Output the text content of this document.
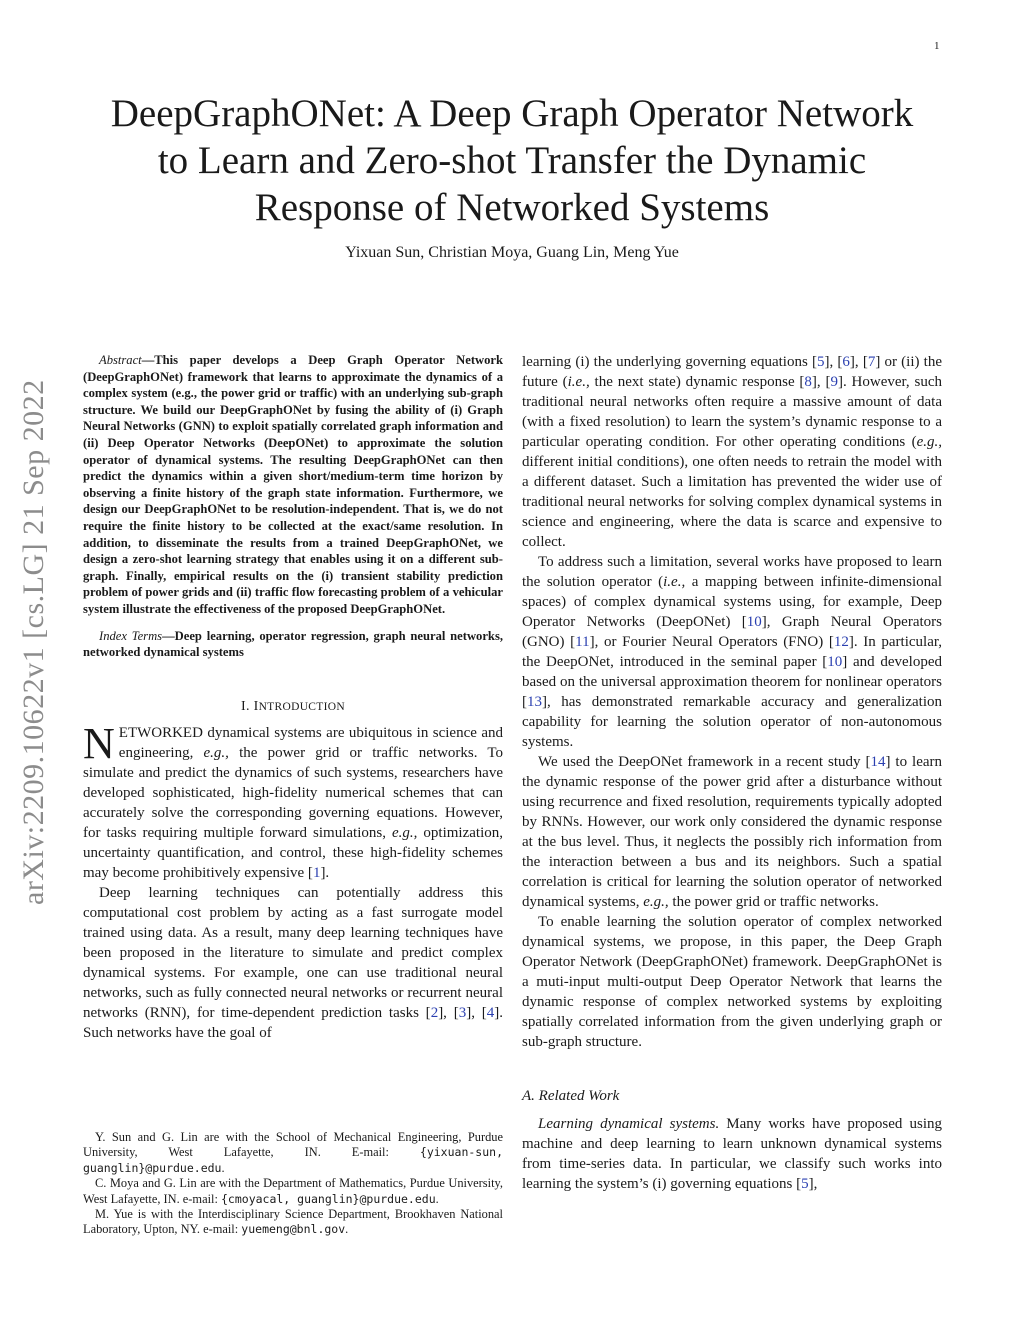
1
arXiv:2209.10622v1 [cs.LG] 21 Sep 2022
DeepGraphONet: A Deep Graph Operator Network
to Learn and Zero-shot Transfer the Dynamic
Response of Networked Systems
Yixuan Sun, Christian Moya, Guang Lin, Meng Yue

Abstract—This paper develops a Deep Graph Operator Network (DeepGraphONet) framework that learns to approximate the dynamics of a complex system (e.g., the power grid or traffic) with an underlying sub-graph structure. We build our DeepGraphONet by fusing the ability of (i) Graph Neural Networks (GNN) to exploit spatially correlated graph information and (ii) Deep Operator Networks (DeepONet) to approximate the solution operator of dynamical systems. The resulting DeepGraphONet can then predict the dynamics within a given short/medium-term time horizon by observing a finite history of the graph state information. Furthermore, we design our DeepGraphONet to be resolution-independent. That is, we do not require the finite history to be collected at the exact/same resolution. In addition, to disseminate the results from a trained DeepGraphONet, we design a zero-shot learning strategy that enables using it on a different sub-graph. Finally, empirical results on the (i) transient stability prediction problem of power grids and (ii) traffic flow forecasting problem of a vehicular system illustrate the effectiveness of the proposed DeepGraphONet.

Index Terms—Deep learning, operator regression, graph neural networks, networked dynamical systems

I. INTRODUCTION

NETWORKED dynamical systems are ubiquitous in science and engineering, e.g., the power grid or traffic networks. To simulate and predict the dynamics of such systems, researchers have developed sophisticated, high-fidelity numerical schemes that can accurately solve the corresponding governing equations. However, for tasks requiring multiple forward simulations, e.g., optimization, uncertainty quantification, and control, these high-fidelity schemes may become prohibitively expensive [1].

Deep learning techniques can potentially address this computational cost problem by acting as a fast surrogate model trained using data. As a result, many deep learning techniques have been proposed in the literature to simulate and predict complex dynamical systems. For example, one can use traditional neural networks, such as fully connected neural networks or recurrent neural networks (RNN), for time-dependent prediction tasks [2], [3], [4]. Such networks have the goal of

Y. Sun and G. Lin are with the School of Mechanical Engineering, Purdue University, West Lafayette, IN. E-mail: {yixuan-sun, guanglin}@purdue.edu.

C. Moya and G. Lin are with the Department of Mathematics, Purdue University, West Lafayette, IN. e-mail: {cmoyacal, guanglin}@purdue.edu.

M. Yue is with the Interdisciplinary Science Department, Brookhaven National Laboratory, Upton, NY. e-mail: yuemeng@bnl.gov.

learning (i) the underlying governing equations [5], [6], [7] or (ii) the future (i.e., the next state) dynamic response [8], [9]. However, such traditional neural networks often require a massive amount of data (with a fixed resolution) to learn the system’s dynamic response to a particular operating condition. For other operating conditions (e.g., different initial conditions), one often needs to retrain the model with a different dataset. Such a limitation has prevented the wider use of traditional neural networks for solving complex dynamical systems in science and engineering, where the data is scarce and expensive to collect.

To address such a limitation, several works have proposed to learn the solution operator (i.e., a mapping between infinite-dimensional spaces) of complex dynamical systems using, for example, Deep Operator Networks (DeepONet) [10], Graph Neural Operators (GNO) [11], or Fourier Neural Operators (FNO) [12]. In particular, the DeepONet, introduced in the seminal paper [10] and developed based on the universal approximation theorem for nonlinear operators [13], has demonstrated remarkable accuracy and generalization capability for learning the solution operator of non-autonomous systems.

We used the DeepONet framework in a recent study [14] to learn the dynamic response of the power grid after a disturbance without using recurrence and fixed resolution, requirements typically adopted by RNNs. However, our work only considered the dynamic response at the bus level. Thus, it neglects the possibly rich information from the interaction between a bus and its neighbors. Such a spatial correlation is critical for learning the solution operator of networked dynamical systems, e.g., the power grid or traffic networks.

To enable learning the solution operator of complex networked dynamical systems, we propose, in this paper, the Deep Graph Operator Network (DeepGraphONet) framework. DeepGraphONet is a muti-input multi-output Deep Operator Network that learns the dynamic response of complex networked systems by exploiting spatially correlated information from the given underlying graph or sub-graph structure.

A. Related Work

Learning dynamical systems. Many works have proposed using machine and deep learning to learn unknown dynamical systems from time-series data. In particular, we classify such works into learning the system’s (i) governing equations [5],
